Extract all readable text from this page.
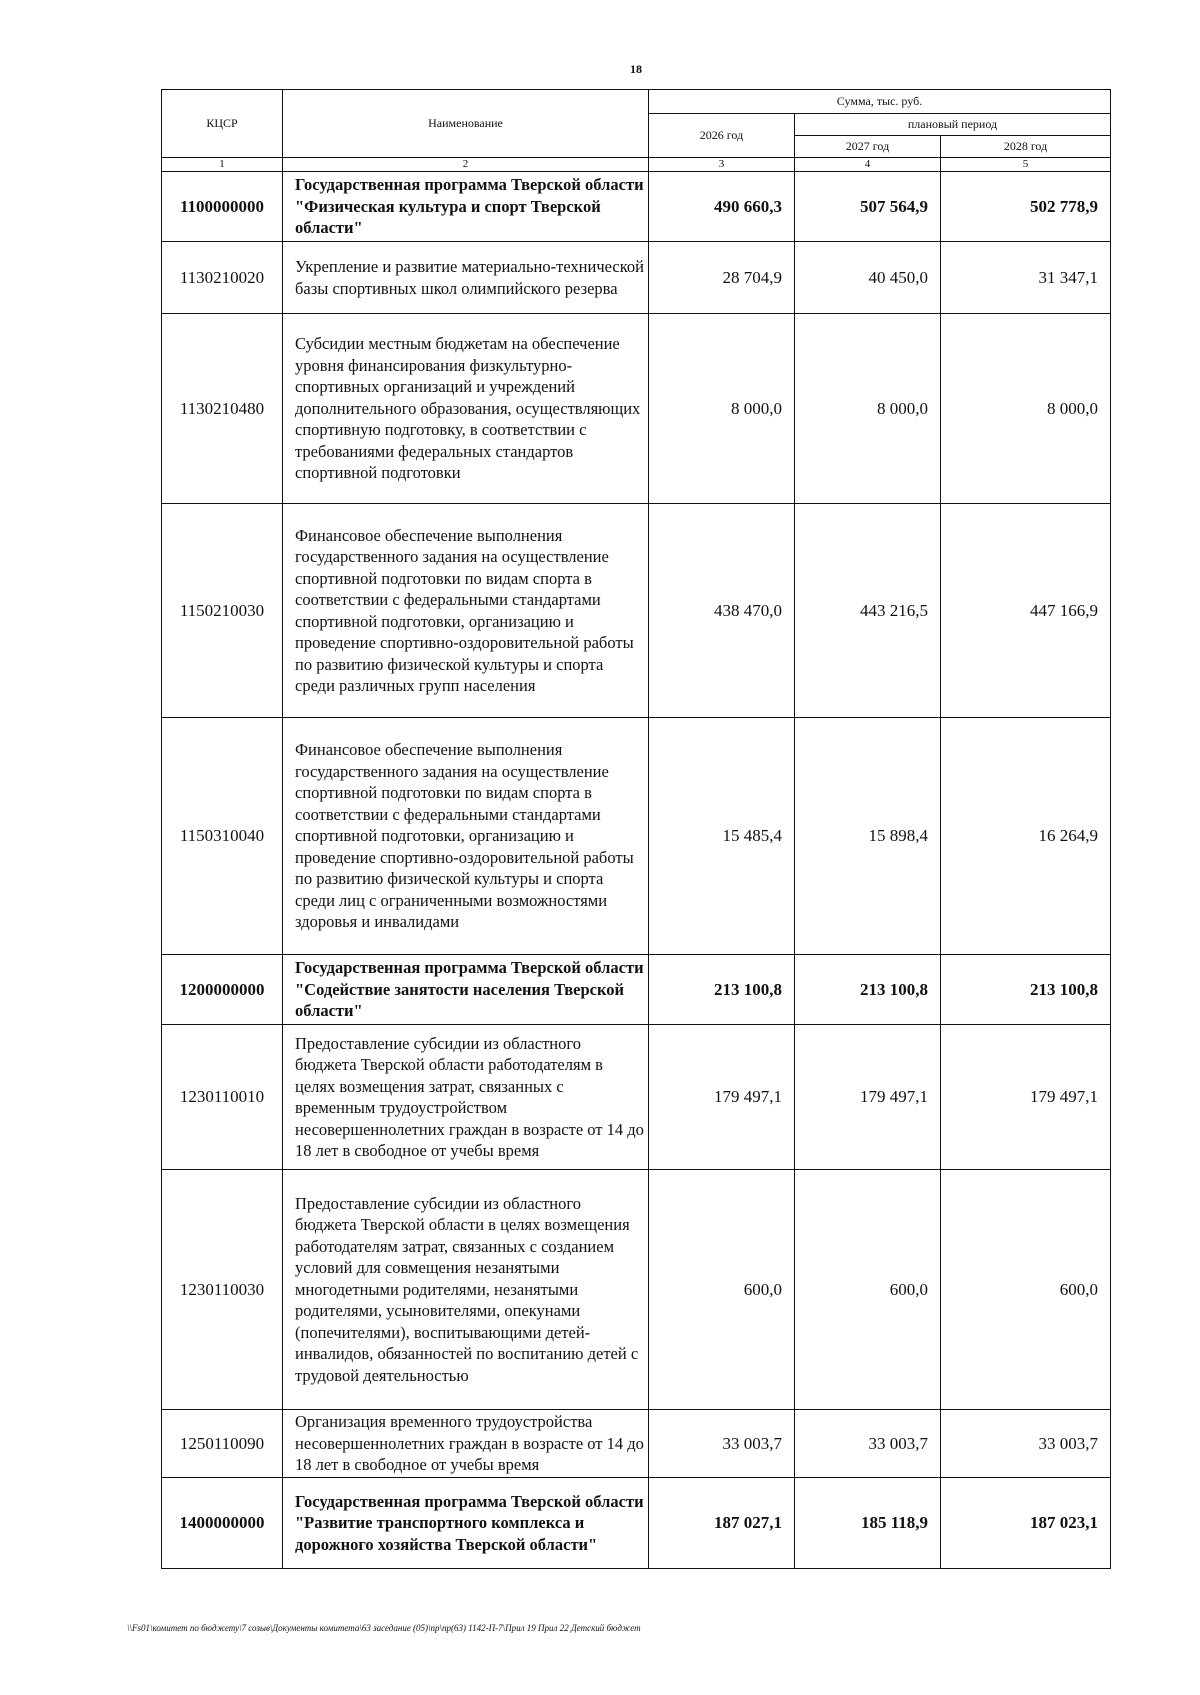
18
КЦСР	Наименование	Сумма, тыс. руб.		
		2026 год	плановый период	
			2027 год	2028 год
1	2	3	4	5
1100000000	Государственная программа Тверской области "Физическая культура и спорт Тверской области"	490 660,3	507 564,9	502 778,9
1130210020	Укрепление и развитие материально-технической базы спортивных школ олимпийского резерва	28 704,9	40 450,0	31 347,1
1130210480	Субсидии местным бюджетам на обеспечение уровня финансирования физкультурно-спортивных организаций и учреждений дополнительного образования, осуществляющих спортивную подготовку, в соответствии с требованиями федеральных стандартов спортивной подготовки	8 000,0	8 000,0	8 000,0
1150210030	Финансовое обеспечение выполнения государственного задания на осуществление спортивной подготовки по видам спорта в соответствии с федеральными стандартами спортивной подготовки, организацию и проведение спортивно-оздоровительной работы по развитию физической культуры и спорта среди различных групп населения	438 470,0	443 216,5	447 166,9
1150310040	Финансовое обеспечение выполнения государственного задания на осуществление спортивной подготовки по видам спорта в соответствии с федеральными стандартами спортивной подготовки, организацию и проведение спортивно-оздоровительной работы по развитию физической культуры и спорта среди лиц с ограниченными возможностями здоровья и инвалидами	15 485,4	15 898,4	16 264,9
1200000000	Государственная программа Тверской области "Содействие занятости населения Тверской области"	213 100,8	213 100,8	213 100,8
1230110010	Предоставление субсидии из областного бюджета Тверской области работодателям в целях возмещения затрат, связанных с временным трудоустройством несовершеннолетних граждан в возрасте от 14 до 18 лет в свободное от учебы время	179 497,1	179 497,1	179 497,1
1230110030	Предоставление субсидии из областного бюджета Тверской области в целях возмещения работодателям затрат, связанных с созданием условий для совмещения незанятыми многодетными родителями, незанятыми родителями, усыновителями, опекунами (попечителями), воспитывающими детей-инвалидов, обязанностей по воспитанию детей с трудовой деятельностью	600,0	600,0	600,0
1250110090	Организация временного трудоустройства несовершеннолетних граждан в возрасте от 14 до 18 лет в свободное от учебы время	33 003,7	33 003,7	33 003,7
1400000000	Государственная программа Тверской области "Развитие транспортного комплекса и дорожного хозяйства Тверской области"	187 027,1	185 118,9	187 023,1
\\Fs01\комитет по бюджету\7 созыв\Документы комитета\63 заседание (05)\пр\пр(63) 1142-П-7\Прил 19 Прил 22 Детский бюджет
